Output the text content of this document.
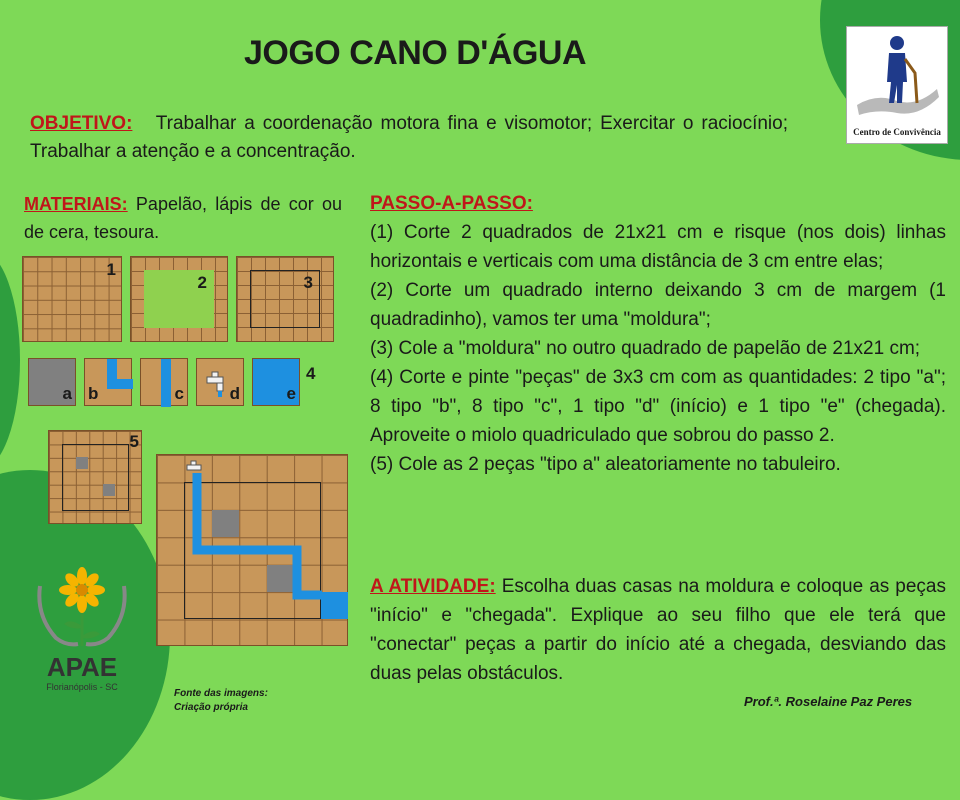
JOGO CANO D'ÁGUA
Centro de Convivência
OBJETIVO: Trabalhar a coordenação motora fina e visomotor; Exercitar o raciocínio; Trabalhar a atenção e a concentração.
MATERIAIS: Papelão, lápis de cor ou de cera, tesoura.
1
2	3
a b	c	d	e
4
5

PASSO-A-PASSO:

(1) Corte 2 quadrados de 21x21 cm e risque (nos dois) linhas horizontais e verticais com uma distância de 3 cm entre elas;

(2) Corte um quadrado interno deixando 3 cm de margem (1 quadradinho), vamos ter uma "moldura";

(3) Cole a "moldura" no outro quadrado de papelão de 21x21 cm;

(4) Corte e pinte "peças" de 3x3 cm com as quantidades: 2 tipo "a"; 8 tipo "b", 8 tipo "c", 1 tipo "d" (início) e 1 tipo "e" (chegada). Aproveite o miolo quadriculado que sobrou do passo 2.

(5) Cole as 2 peças "tipo a" aleatoriamente no tabuleiro.

A ATIVIDADE: Escolha duas casas na moldura e coloque as peças "início" e "chegada". Explique ao seu filho que ele terá que "conectar" peças a partir do início até a chegada, desviando das duas pelas obstáculos.
APAE
Florianópolis - SC
Fonte das imagens:
Criação própria	Prof.ª. Roselaine Paz Peres
